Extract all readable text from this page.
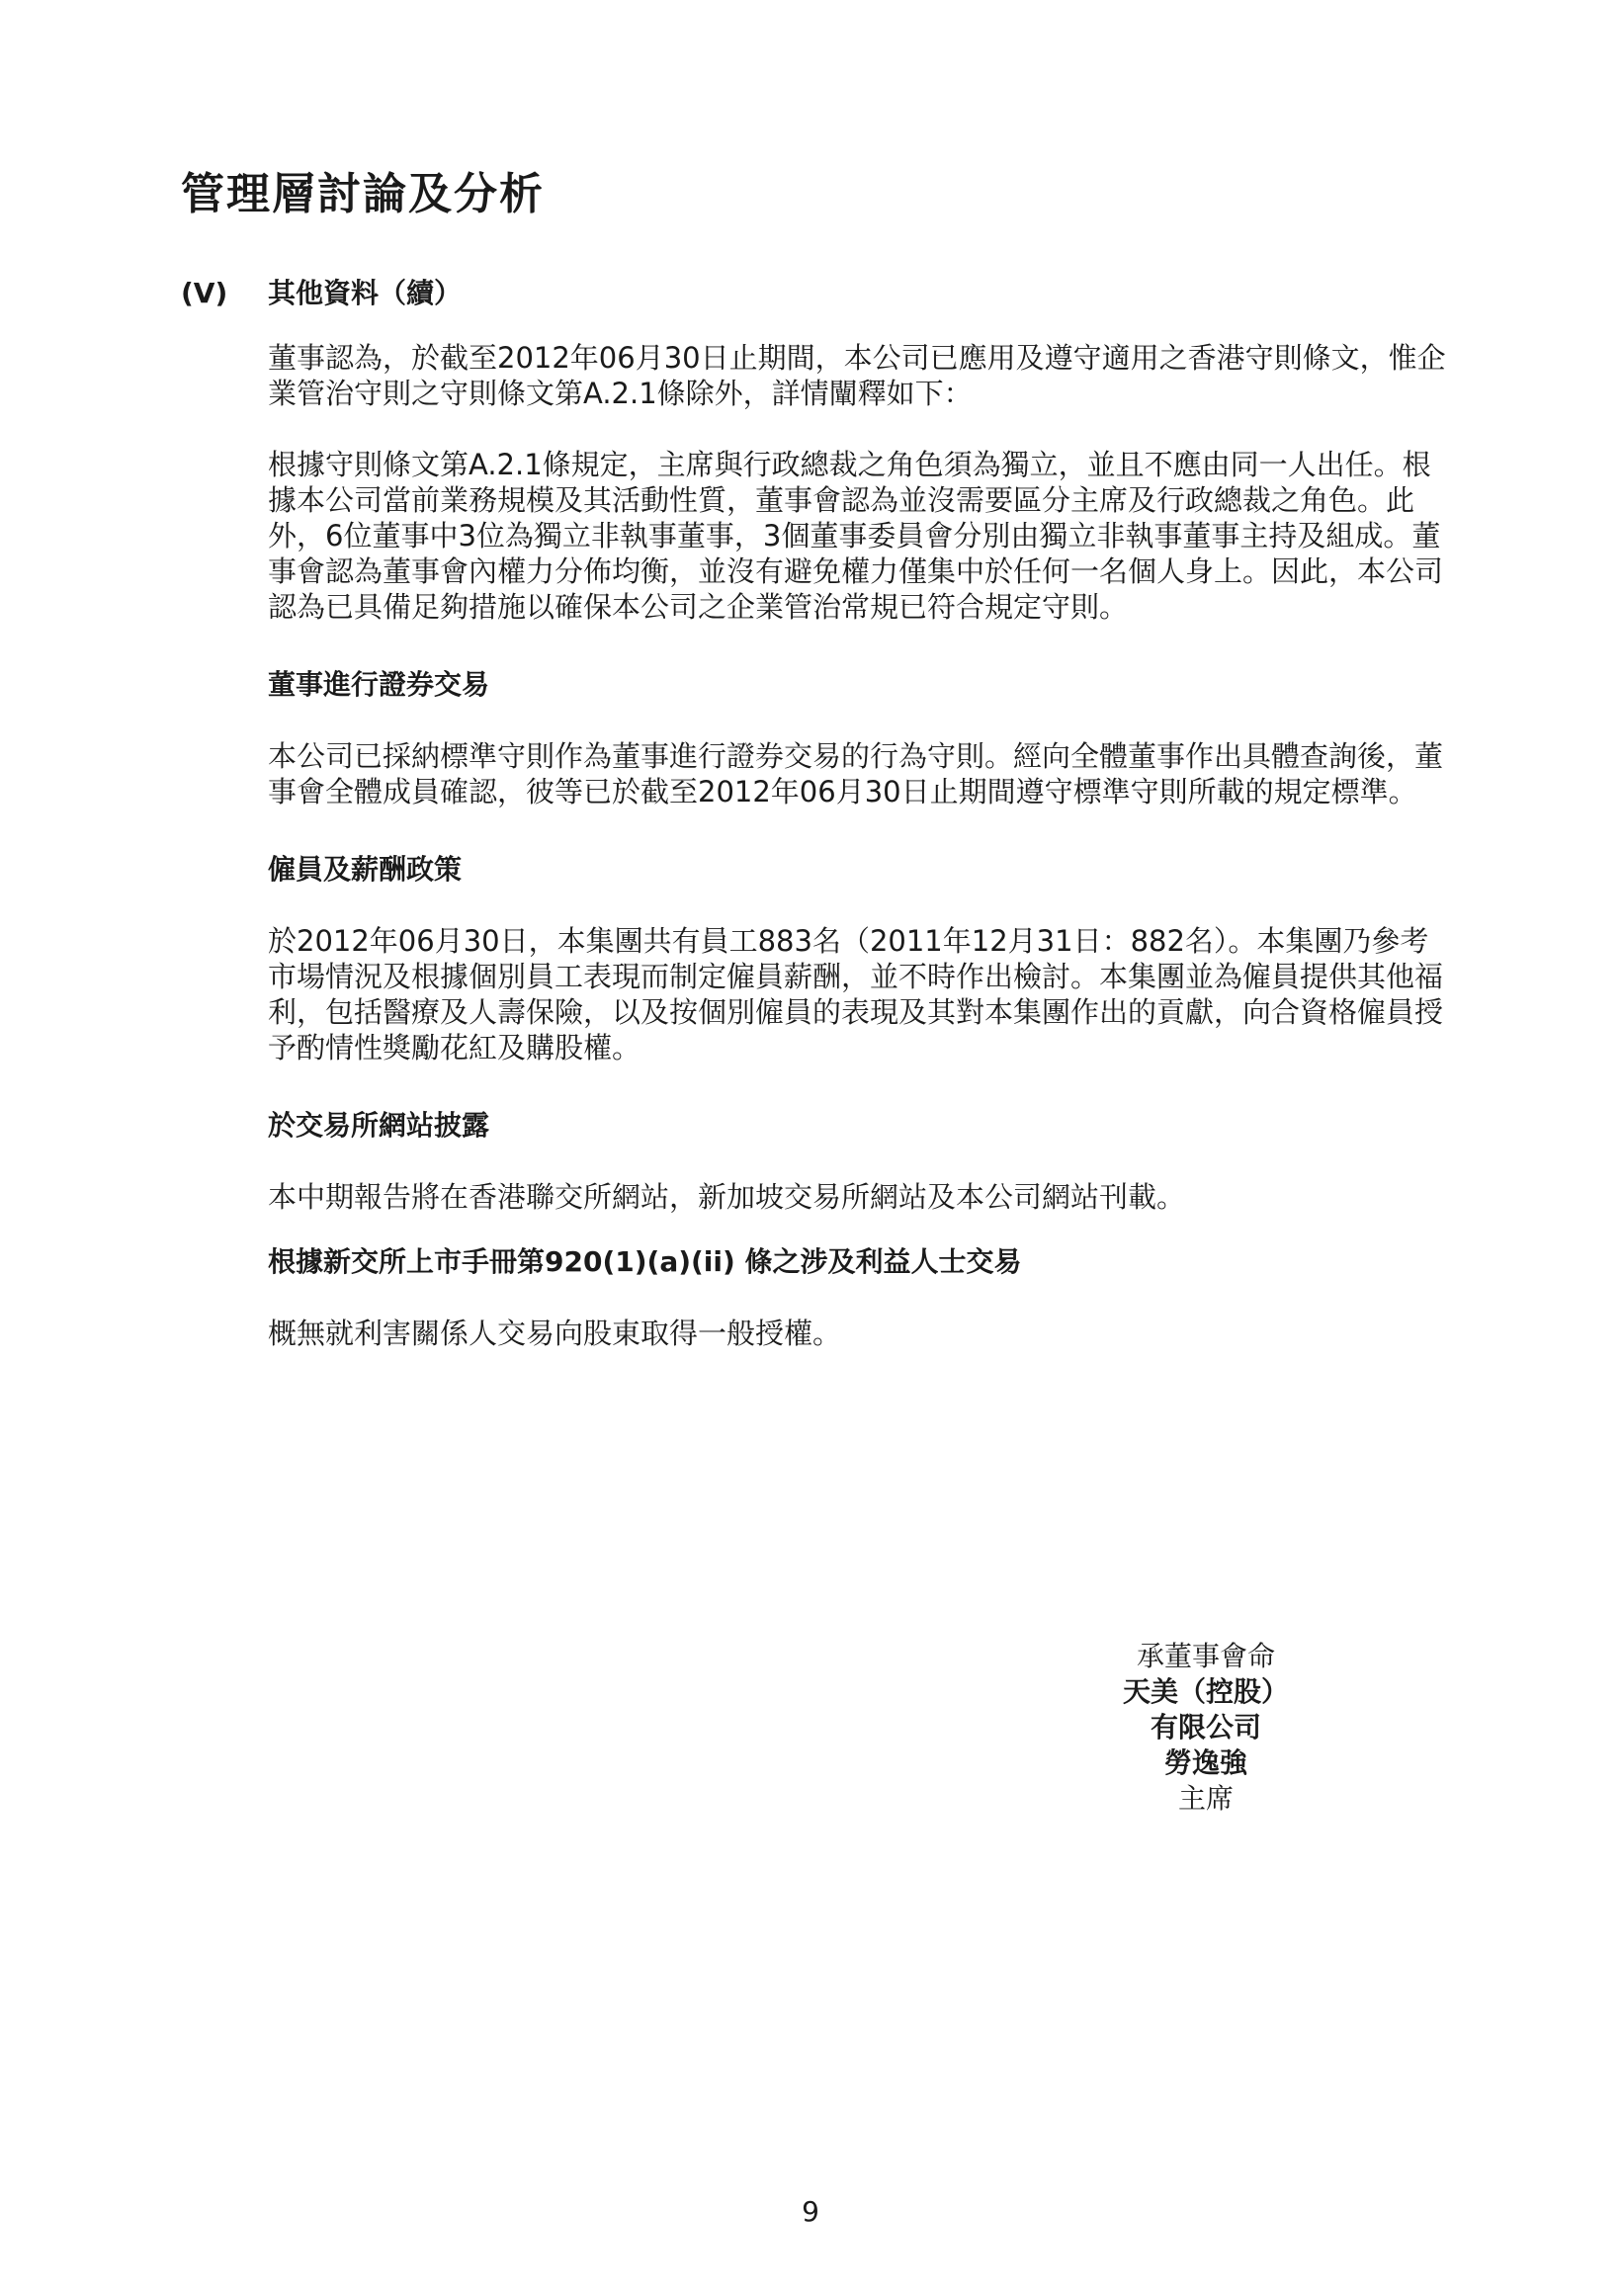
管理層討論及分析
(V) 其他資料（續）

董事認為，於截至2012年06月30日止期間，本公司已應用及遵守適用之香港守則條文，惟企業管治守則之守則條文第A.2.1條除外，詳情闡釋如下：

根據守則條文第A.2.1條規定，主席與行政總裁之角色須為獨立，並且不應由同一人出任。根據本公司當前業務規模及其活動性質，董事會認為並沒需要區分主席及行政總裁之角色。此外，6位董事中3位為獨立非執事董事，3個董事委員會分別由獨立非執事董事主持及組成。董事會認為董事會內權力分佈均衡，並沒有避免權力僅集中於任何一名個人身上。因此，本公司認為已具備足夠措施以確保本公司之企業管治常規已符合規定守則。

董事進行證券交易

本公司已採納標準守則作為董事進行證券交易的行為守則。經向全體董事作出具體查詢後，董事會全體成員確認，彼等已於截至2012年06月30日止期間遵守標準守則所載的規定標準。

僱員及薪酬政策

於2012年06月30日，本集團共有員工883名（2011年12月31日：882名）。本集團乃參考市場情況及根據個別員工表現而制定僱員薪酬，並不時作出檢討。本集團並為僱員提供其他福利，包括醫療及人壽保險，以及按個別僱員的表現及其對本集團作出的貢獻，向合資格僱員授予酌情性獎勵花紅及購股權。

於交易所網站披露

本中期報告將在香港聯交所網站，新加坡交易所網站及本公司網站刊載。

根據新交所上市手冊第920(1)(a)(ii) 條之涉及利益人士交易

概無就利害關係人交易向股東取得一般授權。

承董事會命
天美（控股）有限公司
勞逸強
主席
9
